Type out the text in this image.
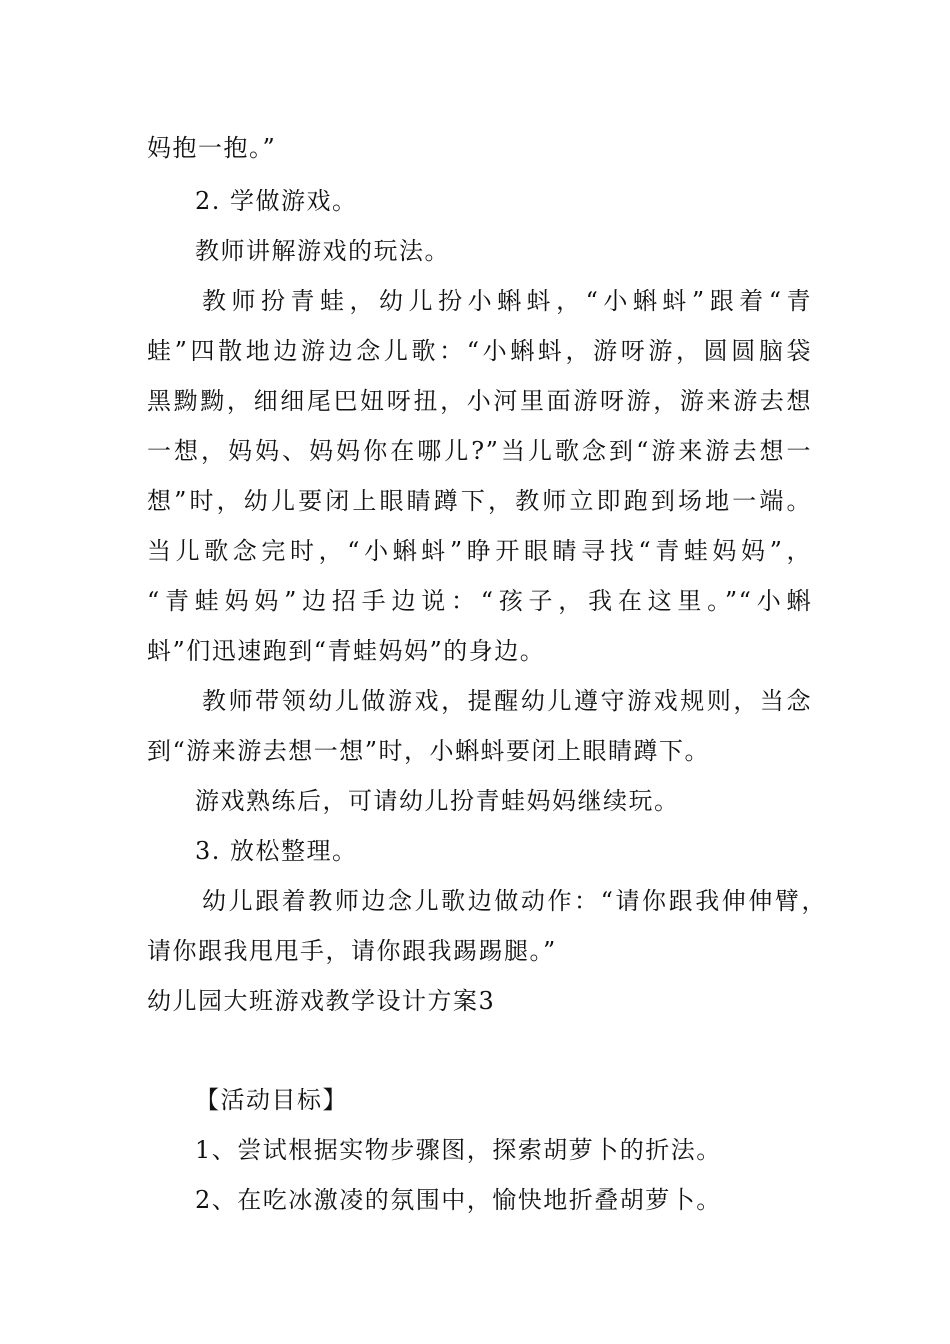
妈抱一抱。”
2. 学做游戏。
教师讲解游戏的玩法。
教师扮青蛙，幼儿扮小蝌蚪，“小蝌蚪”跟着“青
蛙”四散地边游边念儿歌：“小蝌蚪，游呀游，圆圆脑袋
黑黝黝，细细尾巴妞呀扭，小河里面游呀游，游来游去想
一想，妈妈、妈妈你在哪儿?”当儿歌念到“游来游去想一
想”时，幼儿要闭上眼睛蹲下，教师立即跑到场地一端。
当儿歌念完时，“小蝌蚪”睁开眼睛寻找“青蛙妈妈”，
“青蛙妈妈”边招手边说：“孩子，我在这里。”“小蝌
蚪”们迅速跑到“青蛙妈妈”的身边。
教师带领幼儿做游戏，提醒幼儿遵守游戏规则，当念
到“游来游去想一想”时，小蝌蚪要闭上眼睛蹲下。
游戏熟练后，可请幼儿扮青蛙妈妈继续玩。
3. 放松整理。
幼儿跟着教师边念儿歌边做动作：“请你跟我伸伸臂，
请你跟我甩甩手，请你跟我踢踢腿。”
幼儿园大班游戏教学设计方案3
【活动目标】
1、尝试根据实物步骤图，探索胡萝卜的折法。
2、在吃冰激凌的氛围中，愉快地折叠胡萝卜。
